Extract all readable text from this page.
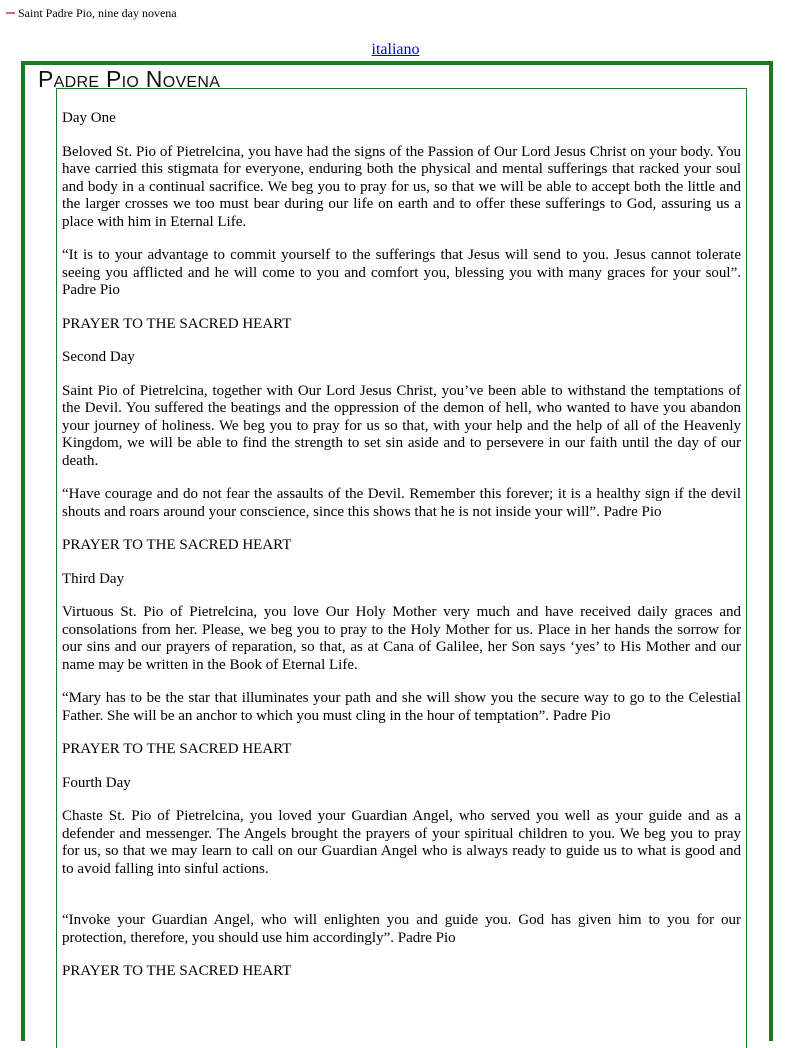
Saint Padre Pio, nine day novena
italiano
Padre Pio Novena

Day One

Beloved St. Pio of Pietrelcina, you have had the signs of the Passion of Our Lord Jesus Christ on your body. You have carried this stigmata for everyone, enduring both the physical and mental sufferings that racked your soul and body in a continual sacrifice. We beg you to pray for us, so that we will be able to accept both the little and the larger crosses we too must bear during our life on earth and to offer these sufferings to God, assuring us a place with him in Eternal Life.

“It is to your advantage to commit yourself to the sufferings that Jesus will send to you. Jesus cannot tolerate seeing you afflicted and he will come to you and comfort you, blessing you with many graces for your soul”. Padre Pio

PRAYER TO THE SACRED HEART

Second Day

Saint Pio of Pietrelcina, together with Our Lord Jesus Christ, you’ve been able to withstand the temptations of the Devil. You suffered the beatings and the oppression of the demon of hell, who wanted to have you abandon your journey of holiness. We beg you to pray for us so that, with your help and the help of all of the Heavenly Kingdom, we will be able to find the strength to set sin aside and to persevere in our faith until the day of our death.

“Have courage and do not fear the assaults of the Devil. Remember this forever; it is a healthy sign if the devil shouts and roars around your conscience, since this shows that he is not inside your will”. Padre Pio

PRAYER TO THE SACRED HEART

Third Day

Virtuous St. Pio of Pietrelcina, you love Our Holy Mother very much and have received daily graces and consolations from her. Please, we beg you to pray to the Holy Mother for us. Place in her hands the sorrow for our sins and our prayers of reparation, so that, as at Cana of Galilee, her Son says ‘yes’ to His Mother and our name may be written in the Book of Eternal Life.

“Mary has to be the star that illuminates your path and she will show you the secure way to go to the Celestial Father. She will be an anchor to which you must cling in the hour of temptation”. Padre Pio

PRAYER TO THE SACRED HEART

Fourth Day

Chaste St. Pio of Pietrelcina, you loved your Guardian Angel, who served you well as your guide and as a defender and messenger. The Angels brought the prayers of your spiritual children to you. We beg you to pray for us, so that we may learn to call on our Guardian Angel who is always ready to guide us to what is good and to avoid falling into sinful actions.

“Invoke your Guardian Angel, who will enlighten you and guide you. God has given him to you for our protection, therefore, you should use him accordingly”. Padre Pio

PRAYER TO THE SACRED HEART
